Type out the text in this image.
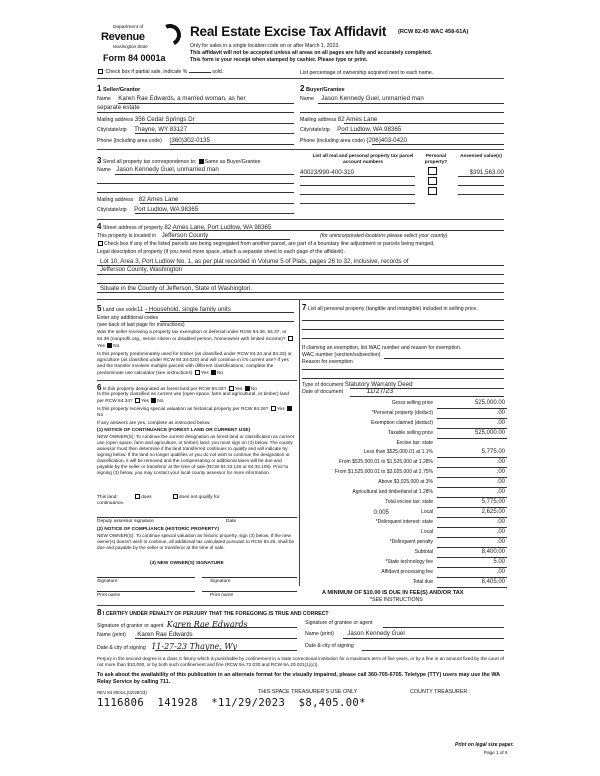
Department of
Revenue
Washington State
Form 84 0001a
Real Estate Excise Tax Affidavit (RCW 82.45 WAC 458-61A)
Only for sales in a single location code on or after March 1, 2023.
This affidavit will not be accepted unless all areas on all pages are fully and accurately completed.
This form is your receipt when stamped by cashier. Please type or print.
Check box if partial sale, indicate %	sold.	List percentage of ownership acquired next to each name.
1 Seller/Grantor
Name Karen Rae Edwards, a married woman, as her
separate estate
Mailing address 356 Cedar Springs Dr
City/state/zip Thayne, WY 83127
Phone (including area code) (360)302-0135
2 Buyer/Grantee
Name Jason Kennedy Guel, unmarried man
Mailing address 82 Ames Lane
City/state/zip Port Ludlow, WA 98365
Phone (including area code) (206)403-0420
3 Send all property tax correspondence to: Same as Buyer/Grantee
Name Jason Kennedy Guel, unmarried man
Mailing address 82 Ames Lane
City/state/zip Port Ludlow, WA 98365
List all real and personal property tax parcel account numbers
Personal property?
Assessed value(s)
40023/990-400-310	$391,563.00
4 Street address of property 82 Ames Lane, Port Ludlow, WA 98365
This property is located in Jefferson County	(for unincorporated locations please select your county)
Check box if any of the listed parcels are being segregated from another parcel, are part of a boundary line adjustment or parcels being merged.
Legal description of property (if you need more space, attach a separate sheet to each page of the affidavit).
Lot 10, Area 3, Port Ludlow No. 1, as per plat recorded in Volume 5 of Plats, pages 26 to 32, inclusive, records of
Jefferson County, Washington
Situate in the County of Jefferson, State of Washington.
5 Land use code11 - Household, single family units
Enter any additional codes
(see back of last page for instructions)
Was the seller receiving a property tax exemption or deferral under RCW 84.36, 84.37, or 84.38 (nonprofit org., senior citizen or disabled person, homeowner with limited income)? Yes No
Is this property predominately used for timber (as classified under RCW 84.34 and 84.33) or agriculture (as classified under RCW 84.34.020) and will continue in it's current use? If yes and the transfer involves multiple parcels with different classifications, complete the predominate use calculator (see instructions) Yes No
6 Is this property designated as forest land per RCW 84.33? Yes No
Is this property classified as current use (open space, farm and agricultural, or timber) land per RCW 84.34? Yes No
Is this property receiving special valuation as historical property per RCW 84.26? Yes No
If any answers are yes, complete as instructed below.
(1) NOTICE OF CONTINUANCE (FOREST LAND OR CURRENT USE)
NEW OWNER(S): To continue the current designation as forest land or classification as current use (open space, farm and agriculture, or timber) land, you must sign on (3) below. The county assessor must then determine if the land transferred continues to qualify and will indicate by signing below. If the land no longer qualifies or you do not wish to continue the designation or classification, it will be removed and the compensating or additional taxes will be due and payable by the seller or transferor at the time of sale (RCW 84.33.140 or 84.34.108). Prior to signing (3) below, you may contact your local county assessor for more information.
This land:	does	does not qualify for
continuance.
Deputy assessor signature	Date
(2) NOTICE OF COMPLIANCE (HISTORIC PROPERTY)
NEW OWNER(S): To continue special valuation as historic property, sign (3) below. If the new owner(s) doesn't wish to continue, all additional tax calculated pursuant to RCW 84.26, shall be due and payable by the seller or transferor at the time of sale.
(3) NEW OWNER(S) SIGNATURE
Signature	Signature
Print name	Print name
7 List all personal property (tangible and intangible) included in selling price.
If claiming an exemption, list WAC number and reason for exemption.
WAC number (section/subsection)
Reason for exemption
Type of document Statutory Warranty Deed
Date of document	11/27/23
Gross selling price	525,000.00
*Personal property (deduct)	.00
Exemption claimed (deduct)	.00
Taxable selling price	525,000.00
Excise tax: state
Less than $525,000.01 at 1.1%	5,775.00
From $525,000.01 to $1,525,000 at 1.28%	.00
From $1,525,000.01 to $3,025,000 at 2.75%	.00
Above $3,025,000 at 3%	.00
Agricultural and timberland at 1.28%	.00
Total excise tax: state	5,775.00
0.005	Local	2,625.00
*Delinquent interest: state	.00
Local	.00
*Delinquent penalty	.00
Subtotal	8,400.00
*State technology fee	5.00
Affidavit processing fee	.00
Total due	8,405.00
A MINIMUM OF $10.00 IS DUE IN FEE(S) AND/OR TAX
*SEE INSTRUCTIONS
8 I CERTIFY UNDER PENALTY OF PERJURY THAT THE FOREGOING IS TRUE AND CORRECT
Signature of grantor or agent Karen Rae Edwards
Name (print) Karen Rae Edwards
Date & city of signing 11-27-23 Thayne, Wy
Signature of grantee or agent
Name (print) Jason Kennedy Guel
Date & city of signing
Perjury in the second degree is a class C felony which is punishable by confinement in a state correctional institution for a maximum term of five years, or by a fine in an amount fixed by the court of not more than $10,000, or by both such confinement and fine (RCW 9A.72.030 and RCW 9A.20.021(1)(c)).
To ask about the availability of this publication in an alternate format for the visually impaired, please call 360-705-6705. Teletype (TTY) users may use the WA Relay Service by calling 711.
REV 84 0001a (02/28/23)	THIS SPACE TREASURER'S USE ONLY	COUNTY TREASURER
1116806  141928  *11/29/2023  $8,405.00*
Print on legal size paper.
Page 1 of 6
